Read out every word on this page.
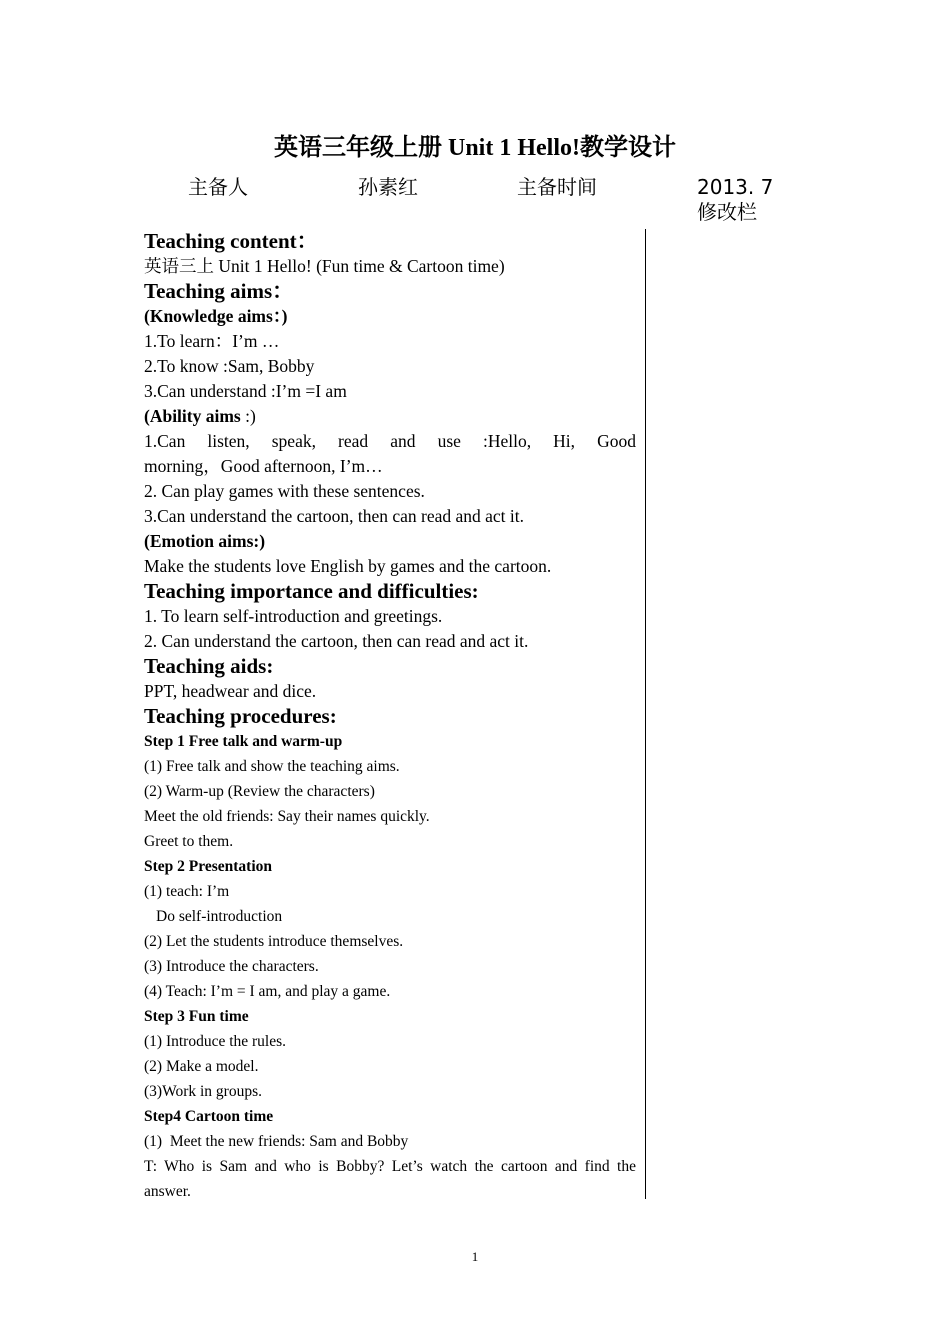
英语三年级上册 Unit 1 Hello!教学设计
主备人	孙素红	主备时间	2013. 7
修改栏
Teaching content：
英语三上 Unit 1 Hello! (Fun time & Cartoon time)
Teaching aims：
(Knowledge aims：)
1.To learn：I’m …
2.To know :Sam, Bobby
3.Can understand :I’m =I am
(Ability aims :)
1.Can listen, speak, read and use :Hello, Hi, Good
morning，Good afternoon, I’m…
2. Can play games with these sentences.
3.Can understand the cartoon, then can read and act it.
(Emotion aims:)
Make the students love English by games and the cartoon.
Teaching importance and difficulties:
1. To learn self-introduction and greetings.
2. Can understand the cartoon, then can read and act it.
Teaching aids:
PPT, headwear and dice.
Teaching procedures:
Step 1 Free talk and warm-up
(1) Free talk and show the teaching aims.
(2) Warm-up (Review the characters)
Meet the old friends: Say their names quickly.
Greet to them.
Step 2 Presentation
(1) teach: I’m
Do self-introduction
(2) Let the students introduce themselves.
(3) Introduce the characters.
(4) Teach: I’m = I am, and play a game.
Step 3 Fun time
(1) Introduce the rules.
(2) Make a model.
(3)Work in groups.
Step4 Cartoon time
(1)  Meet the new friends: Sam and Bobby
T: Who is Sam and who is Bobby? Let’s watch the cartoon and find the
answer.
1
